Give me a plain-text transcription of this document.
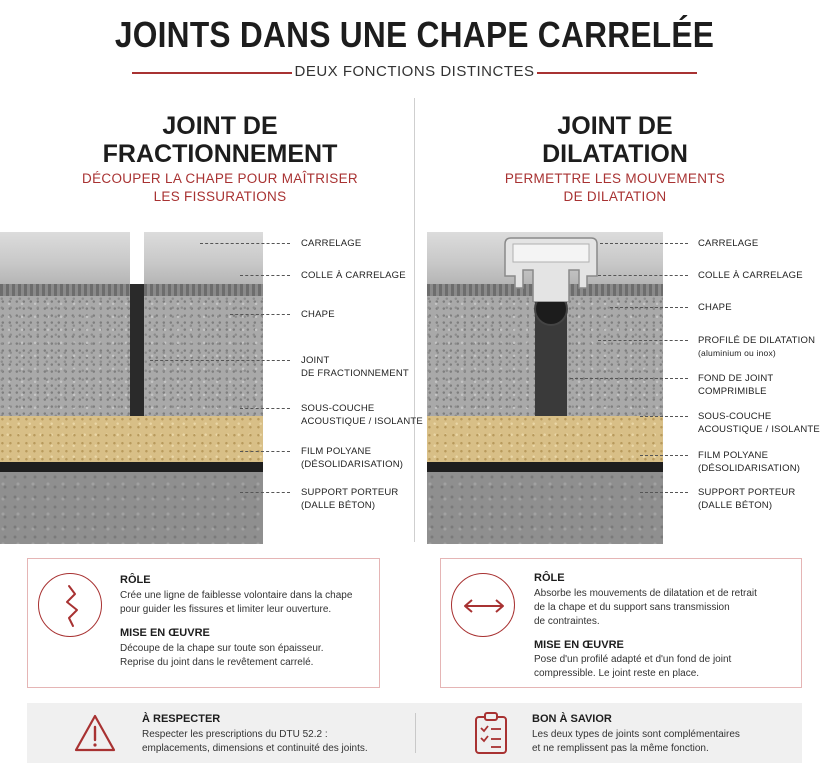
JOINTS DANS UNE CHAPE CARRELÉE
DEUX FONCTIONS DISTINCTES
JOINT DE
FRACTIONNEMENT
DÉCOUPER LA CHAPE POUR MAÎTRISER
LES FISSURATIONS
JOINT DE
DILATATION
PERMETTRE LES MOUVEMENTS
DE DILATATION
CARRELAGE
COLLE À CARRELAGE
CHAPE
JOINT
DE FRACTIONNEMENT
SOUS-COUCHE
ACOUSTIQUE / ISOLANTE
FILM POLYANE
(DÉSOLIDARISATION)
SUPPORT PORTEUR
(DALLE BÉTON)
CARRELAGE
COLLE À CARRELAGE
CHAPE
PROFILÉ DE DILATATION
(aluminium ou inox)
FOND DE JOINT
COMPRIMIBLE
SOUS-COUCHE
ACOUSTIQUE / ISOLANTE
FILM POLYANE
(DÉSOLIDARISATION)
SUPPORT PORTEUR
(DALLE BÉTON)
RÔLE
Crée une ligne de faiblesse volontaire dans la chape
pour guider les fissures et limiter leur ouverture.
MISE EN ŒUVRE
Découpe de la chape sur toute son épaisseur.
Reprise du joint dans le revêtement carrelé.
RÔLE
Absorbe les mouvements de dilatation et de retrait
de la chape et du support sans transmission
de contraintes.
MISE EN ŒUVRE
Pose d'un profilé adapté et d'un fond de joint
compressible. Le joint reste en place.
À RESPECTER
Respecter les prescriptions du DTU 52.2 :
emplacements, dimensions et continuité des joints.
BON À SAVIOR
Les deux types de joints sont complémentaires
et ne remplissent pas la même fonction.
